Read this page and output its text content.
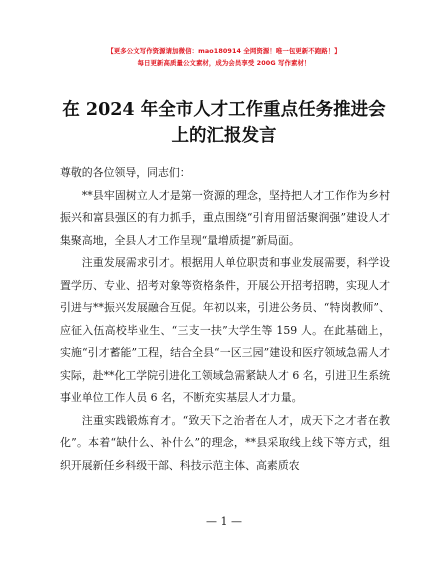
【更多公文写作资源请加微信：mao180914 全网资源！唯一包更新不跑路！】
每日更新高质量公文素材，成为会员享受 200G 写作素材！
在 2024 年全市人才工作重点任务推进会上的汇报发言

尊敬的各位领导，同志们：

**县牢固树立人才是第一资源的理念，坚持把人才工作作为乡村振兴和富县强区的有力抓手，重点围绕“引育用留活聚润强”建设人才集聚高地，全县人才工作呈现“量增质提”新局面。

注重发展需求引才。根据用人单位职责和事业发展需要，科学设置学历、专业、招考对象等资格条件，开展公开招考招聘，实现人才引进与**振兴发展融合互促。年初以来，引进公务员、“特岗教师”、应征入伍高校毕业生、“三支一扶”大学生等 159 人。在此基础上，实施“引才蓄能”工程，结合全县“一区三园”建设和医疗领域急需人才实际，赴**化工学院引进化工领域急需紧缺人才 6 名，引进卫生系统事业单位工作人员 6 名，不断充实基层人才力量。

注重实践锻炼育才。“致天下之治者在人才，成天下之才者在教化”。本着“缺什么、补什么”的理念，**县采取线上线下等方式，组织开展新任乡科级干部、科技示范主体、高素质农

— 1 —
